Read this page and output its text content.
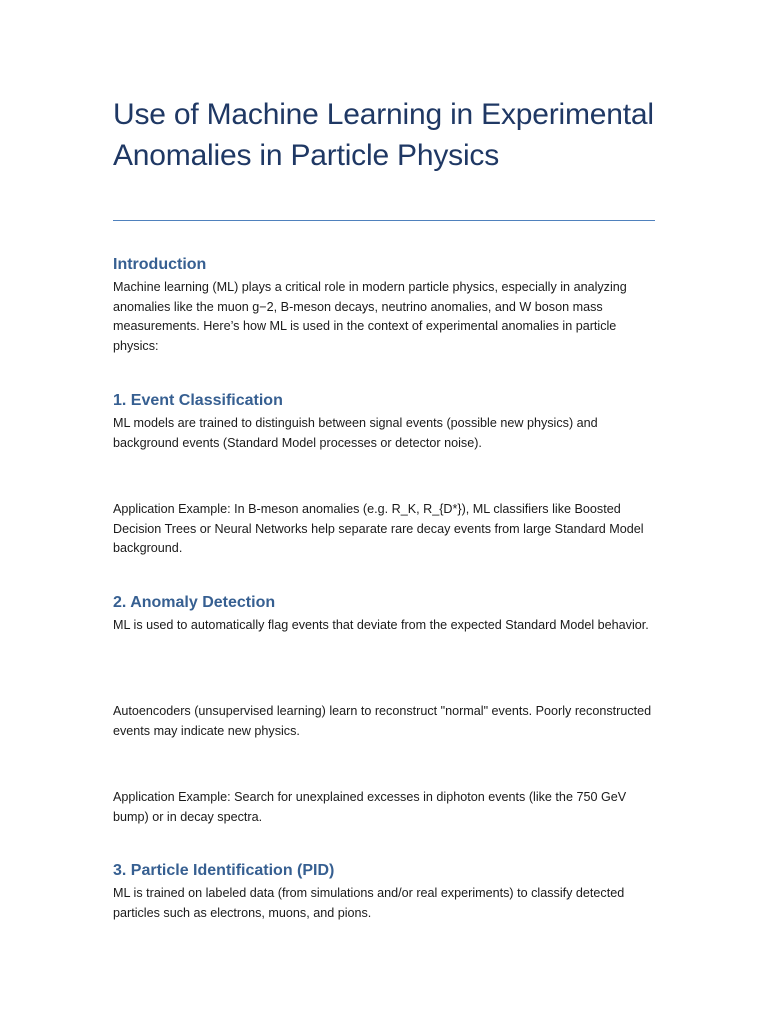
Use of Machine Learning in Experimental Anomalies in Particle Physics
Introduction

Machine learning (ML) plays a critical role in modern particle physics, especially in analyzing anomalies like the muon g−2, B-meson decays, neutrino anomalies, and W boson mass measurements. Here’s how ML is used in the context of experimental anomalies in particle physics:

1. Event Classification

ML models are trained to distinguish between signal events (possible new physics) and background events (Standard Model processes or detector noise).

Application Example: In B-meson anomalies (e.g. R_K, R_{D*}), ML classifiers like Boosted Decision Trees or Neural Networks help separate rare decay events from large Standard Model background.

2. Anomaly Detection

ML is used to automatically flag events that deviate from the expected Standard Model behavior.

Autoencoders (unsupervised learning) learn to reconstruct "normal" events. Poorly reconstructed events may indicate new physics.

Application Example: Search for unexplained excesses in diphoton events (like the 750 GeV bump) or in decay spectra.

3. Particle Identification (PID)

ML is trained on labeled data (from simulations and/or real experiments) to classify detected particles such as electrons, muons, and pions.
